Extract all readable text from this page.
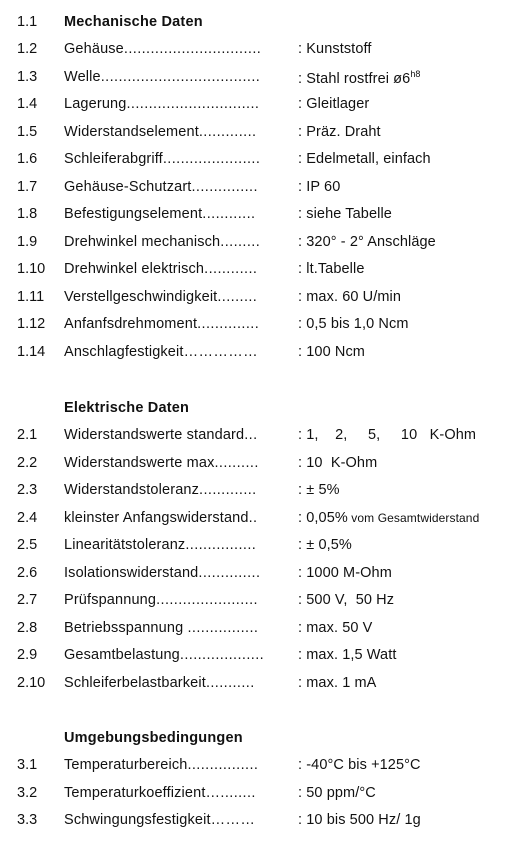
1.1 Mechanische Daten
1.2 Gehäuse...............................	: Kunststoff
1.3 Welle....................................	: Stahl rostfrei $ø6^{h8}$
1.4 Lagerung..............................	: Gleitlager
1.5 Widerstandselement.............	: Präz. Draht
1.6 Schleiferabgriff......................	: Edelmetall, einfach
1.7 Gehäuse-Schutzart...............	: IP 60
1.8 Befestigungselement............	: siehe Tabelle
1.9 Drehwinkel mechanisch.........	: 320° - 2° Anschläge
1.10 Drehwinkel elektrisch............	: lt.Tabelle
1.11 Verstellgeschwindigkeit.........	: max. 60 U/min
1.12 Anfanfsdrehmoment..............	: 0,5 bis 1,0 Ncm
1.14 Anschlagfestigkeit……………	: 100 Ncm
Elektrische Daten
2.1 Widerstandswerte standard...	: 1,    2,     5,     10   K-Ohm
2.2 Widerstandswerte max..........	: 10  K-Ohm
2.3 Widerstandstoleranz.............	: ± 5%
2.4 kleinster Anfangswiderstand..	: 0,05% vom Gesamtwiderstand
2.5 Linearitätstoleranz................	: ± 0,5%
2.6 Isolationswiderstand..............	: 1000 M-Ohm
2.7 Prüfspannung.......................	: 500 V,  50 Hz
2.8 Betriebsspannung ................	: max. 50 V
2.9 Gesamtbelastung................... : max. 1,5 Watt
2.10 Schleiferbelastbarkeit...........	: max. 1 mA
Umgebungsbedingungen
3.1 Temperaturbereich................	: -40°C bis +125°C
3.2 Temperaturkoeffizient…........	: 50 ppm/°C
3.3 Schwingungsfestigkeit………	: 10 bis 500 Hz/ 1g
